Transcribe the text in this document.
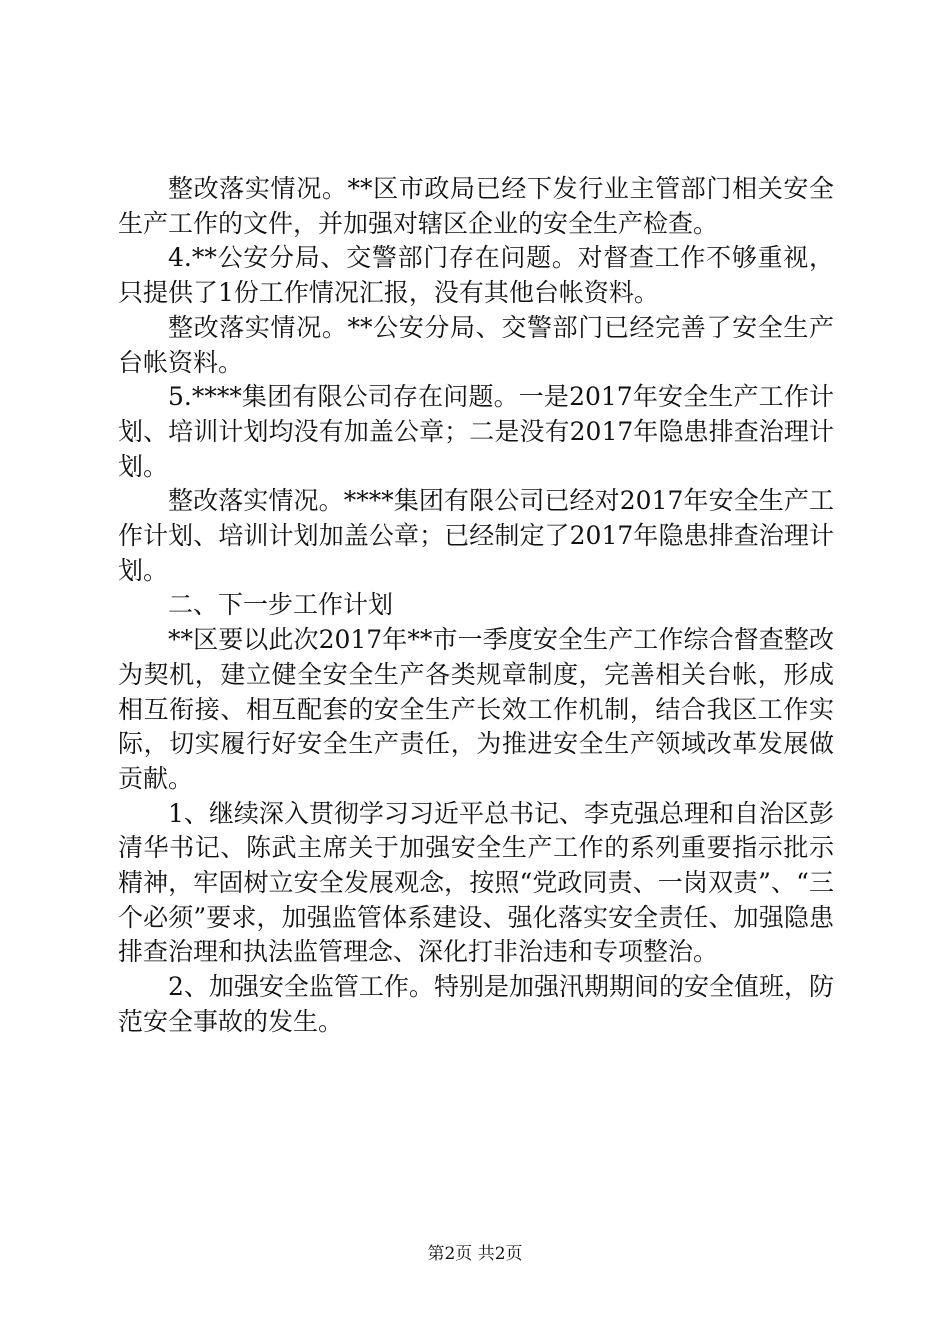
整改落实情况。**区市政局已经下发行业主管部门相关安全生产工作的文件，并加强对辖区企业的安全生产检查。

4.**公安分局、交警部门存在问题。对督查工作不够重视，只提供了1份工作情况汇报，没有其他台帐资料。

整改落实情况。**公安分局、交警部门已经完善了安全生产台帐资料。

5.****集团有限公司存在问题。一是2017年安全生产工作计划、培训计划均没有加盖公章；二是没有2017年隐患排查治理计划。

整改落实情况。****集团有限公司已经对2017年安全生产工作计划、培训计划加盖公章；已经制定了2017年隐患排查治理计划。

二、下一步工作计划

**区要以此次2017年**市一季度安全生产工作综合督查整改为契机，建立健全安全生产各类规章制度，完善相关台帐，形成相互衔接、相互配套的安全生产长效工作机制，结合我区工作实际，切实履行好安全生产责任，为推进安全生产领域改革发展做贡献。

1、继续深入贯彻学习习近平总书记、李克强总理和自治区彭清华书记、陈武主席关于加强安全生产工作的系列重要指示批示精神，牢固树立安全发展观念，按照“党政同责、一岗双责”、“三个必须”要求，加强监管体系建设、强化落实安全责任、加强隐患排查治理和执法监管理念、深化打非治违和专项整治。

2、加强安全监管工作。特别是加强汛期期间的安全值班，防范安全事故的发生。

第2页 共2页
